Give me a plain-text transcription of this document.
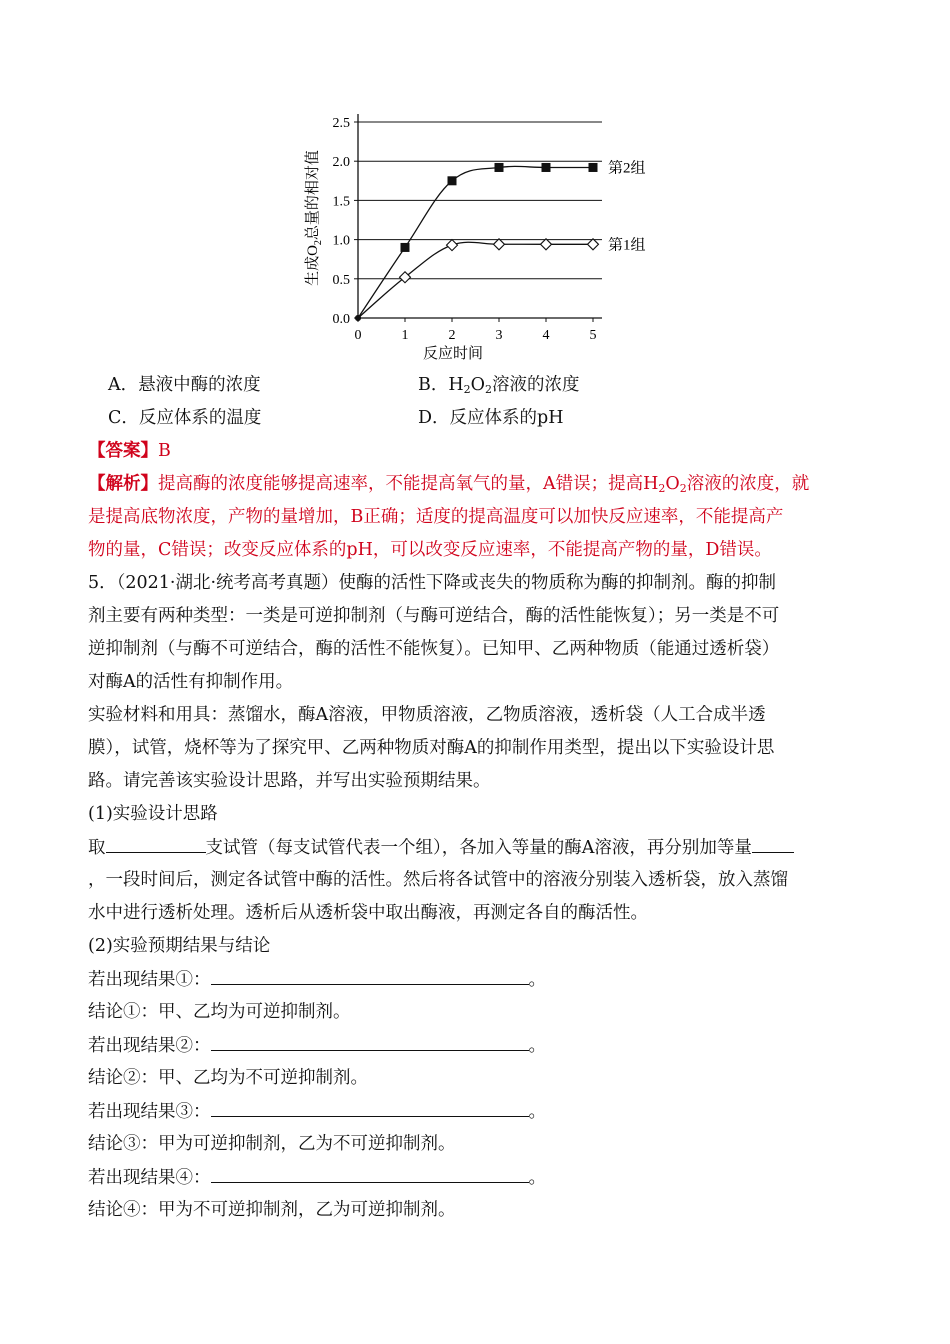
0.0
0.5
1.0
1.5
2.0
2.5
0	1	2	3	4	5
第2组
第1组
反应时间
生成$O_2$总量的相对值
A．悬液中酶的浓度	B．$H_2O_2$溶液的浓度
C．反应体系的温度	D．反应体系的pH
【答案】B
【解析】提高酶的浓度能够提高速率，不能提高氧气的量，A错误；提高$H_2O_2$溶液的浓度，就
是提高底物浓度，产物的量增加，B正确；适度的提高温度可以加快反应速率，不能提高产
物的量，C错误；改变反应体系的pH，可以改变反应速率，不能提高产物的量，D错误。
5．（2021·湖北·统考高考真题）使酶的活性下降或丧失的物质称为酶的抑制剂。酶的抑制
剂主要有两种类型：一类是可逆抑制剂（与酶可逆结合，酶的活性能恢复）；另一类是不可
逆抑制剂（与酶不可逆结合，酶的活性不能恢复）。已知甲、乙两种物质（能通过透析袋）
对酶A的活性有抑制作用。
实验材料和用具：蒸馏水，酶A溶液，甲物质溶液，乙物质溶液，透析袋（人工合成半透
膜），试管，烧杯等为了探究甲、乙两种物质对酶A的抑制作用类型，提出以下实验设计思
路。请完善该实验设计思路，并写出实验预期结果。
(1)实验设计思路
取	支试管（每支试管代表一个组），各加入等量的酶A溶液，再分别加等量
，一段时间后，测定各试管中酶的活性。然后将各试管中的溶液分别装入透析袋，放入蒸馏
水中进行透析处理。透析后从透析袋中取出酶液，再测定各自的酶活性。
(2)实验预期结果与结论
若出现结果①：	。
结论①：甲、乙均为可逆抑制剂。
若出现结果②：	。
结论②：甲、乙均为不可逆抑制剂。
若出现结果③：	。
结论③：甲为可逆抑制剂，乙为不可逆抑制剂。
若出现结果④：	。
结论④：甲为不可逆抑制剂，乙为可逆抑制剂。
